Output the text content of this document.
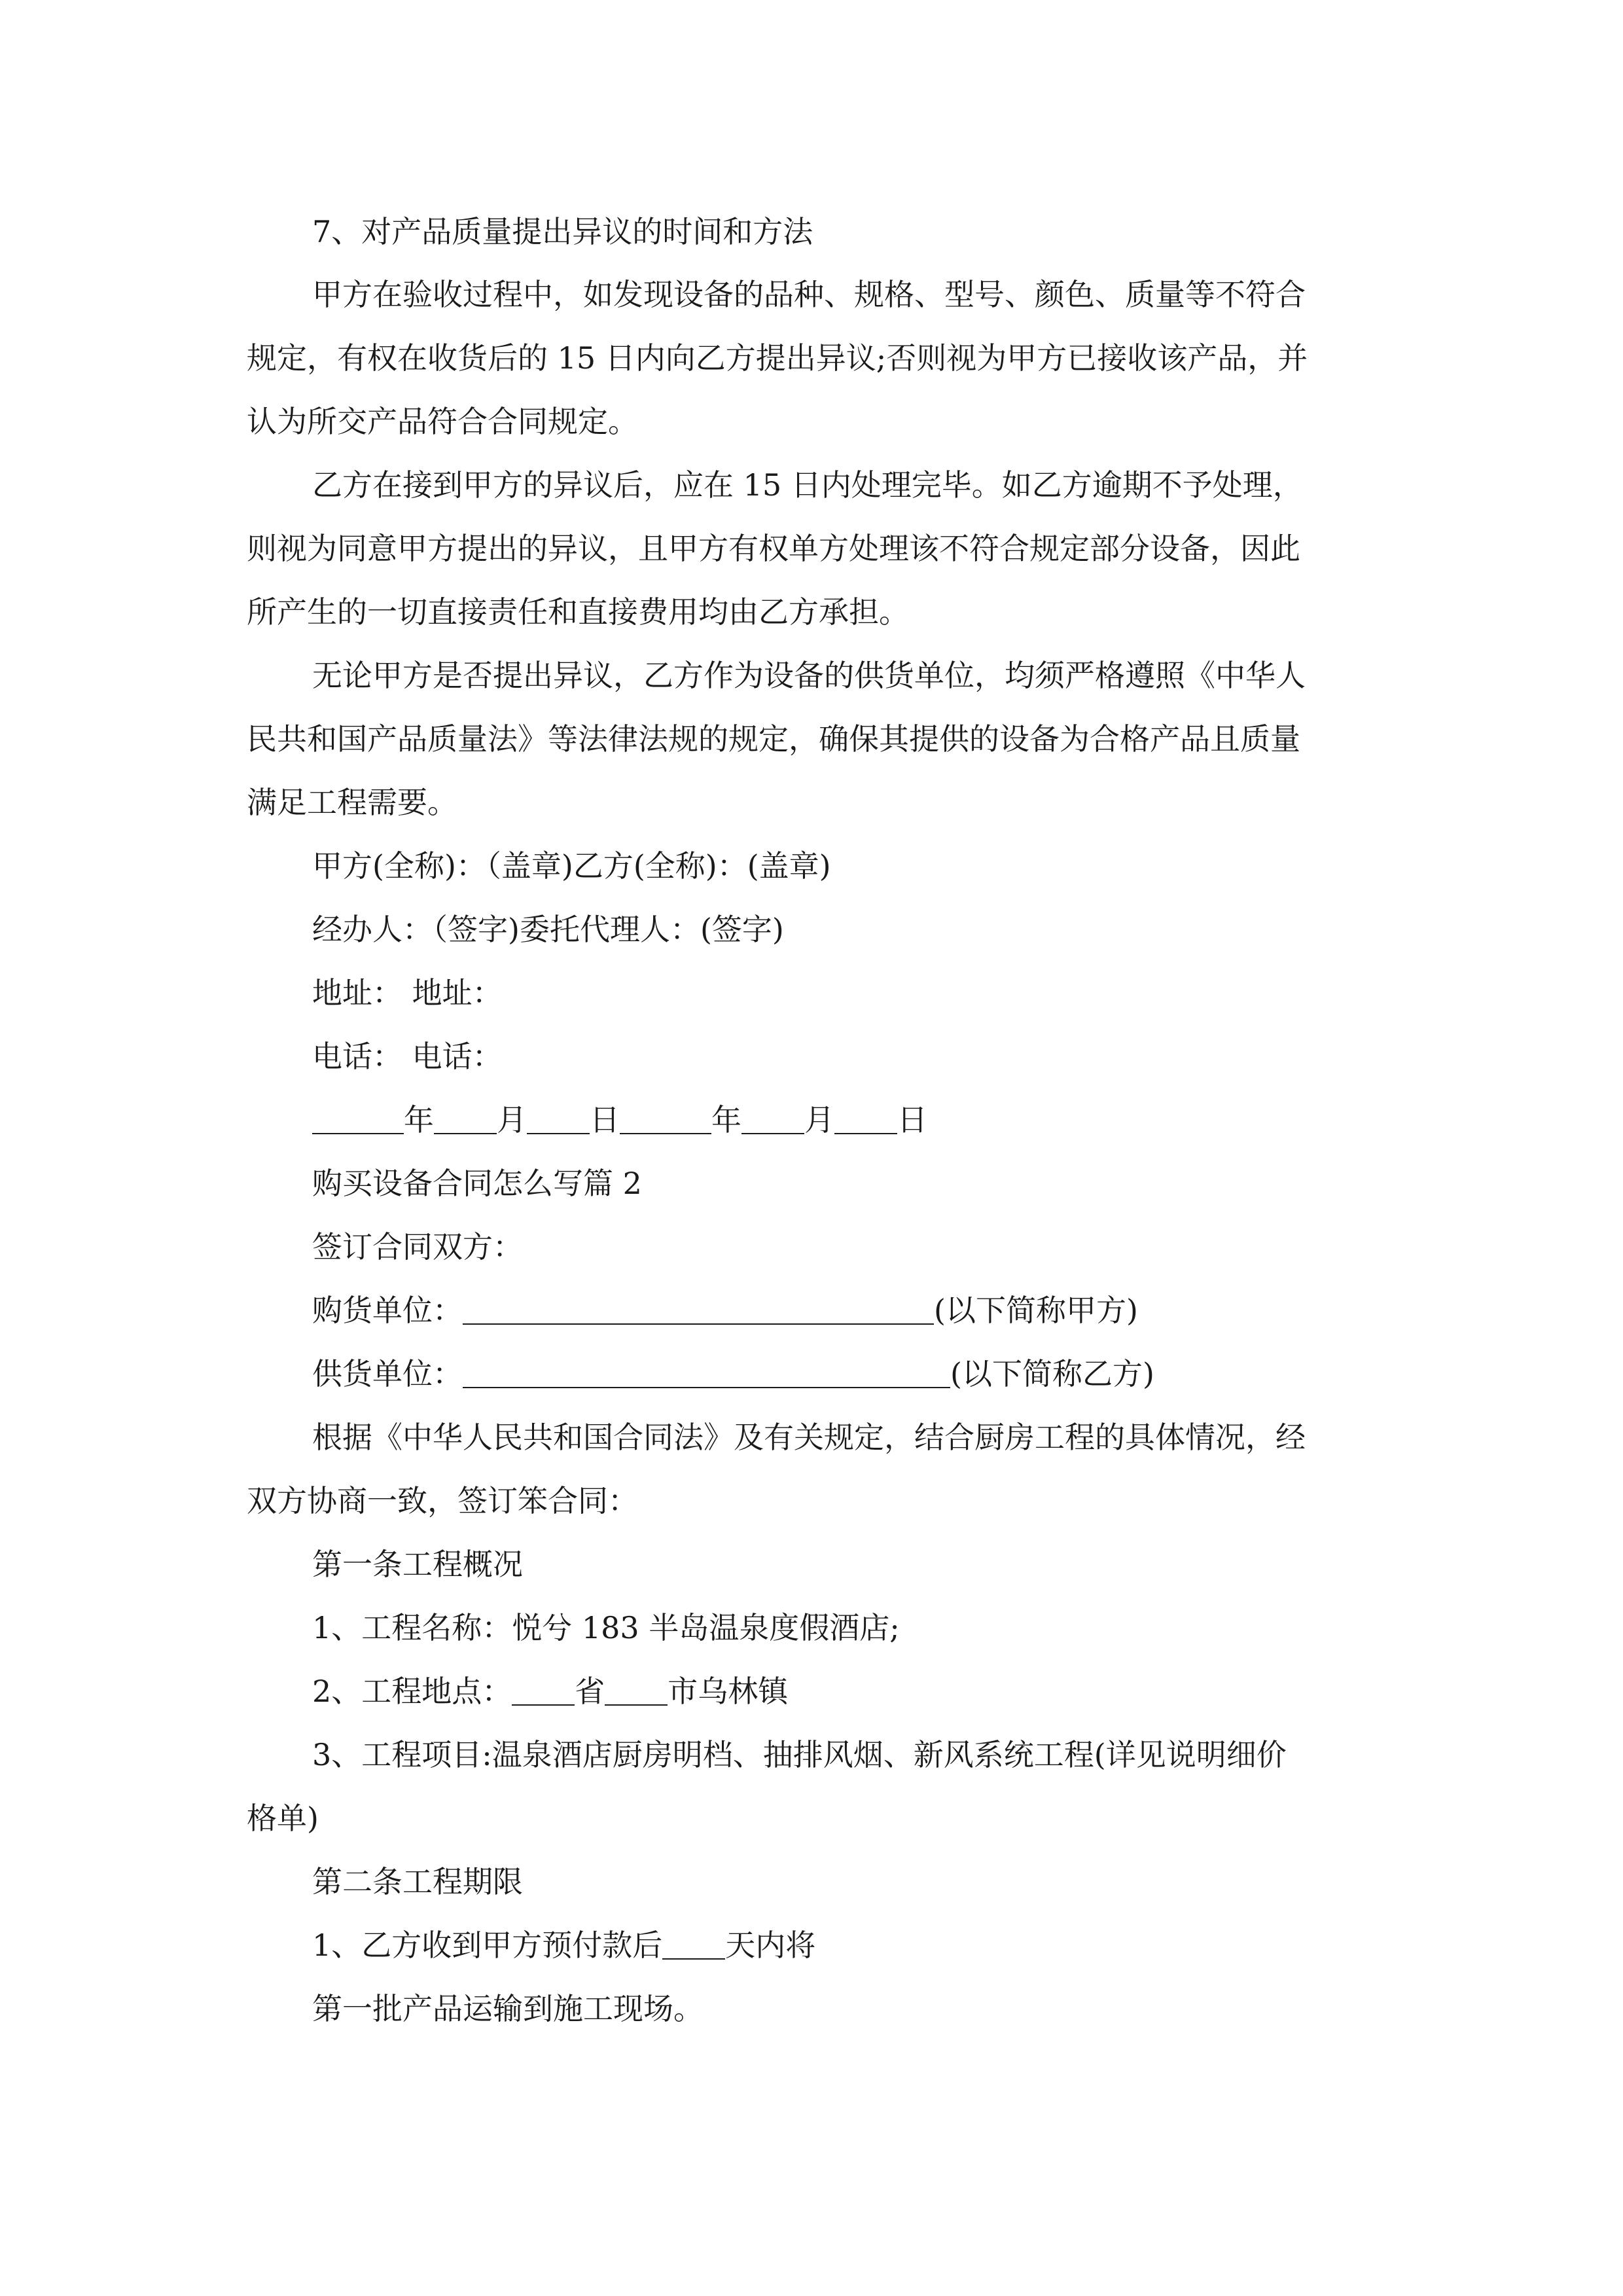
7、对产品质量提出异议的时间和方法

甲方在验收过程中，如发现设备的品种、规格、型号、颜色、质量等不符合

规定，有权在收货后的 15 日内向乙方提出异议;否则视为甲方已接收该产品，并

认为所交产品符合合同规定。

乙方在接到甲方的异议后，应在 15 日内处理完毕。如乙方逾期不予处理，

则视为同意甲方提出的异议，且甲方有权单方处理该不符合规定部分设备，因此

所产生的一切直接责任和直接费用均由乙方承担。

无论甲方是否提出异议，乙方作为设备的供货单位，均须严格遵照《中华人

民共和国产品质量法》等法律法规的规定，确保其提供的设备为合格产品且质量

满足工程需要。

甲方(全称)：（盖章)乙方(全称)：(盖章)

经办人：（签字)委托代理人：(签字)

地址： 地址：

电话： 电话：

年 月 日	年 月 日

购买设备合同怎么写篇 2

签订合同双方：

购货单位：	(以下简称甲方)

供货单位：	(以下简称乙方)

根据《中华人民共和国合同法》及有关规定，结合厨房工程的具体情况，经

双方协商一致，签订笨合同：

第一条工程概况

1、工程名称：悦兮 183 半岛温泉度假酒店;

2、工程地点： 省 市乌林镇

3、工程项目:温泉酒店厨房明档、抽排风烟、新风系统工程(详见说明细价

格单)

第二条工程期限

1、乙方收到甲方预付款后 天内将

第一批产品运输到施工现场。
